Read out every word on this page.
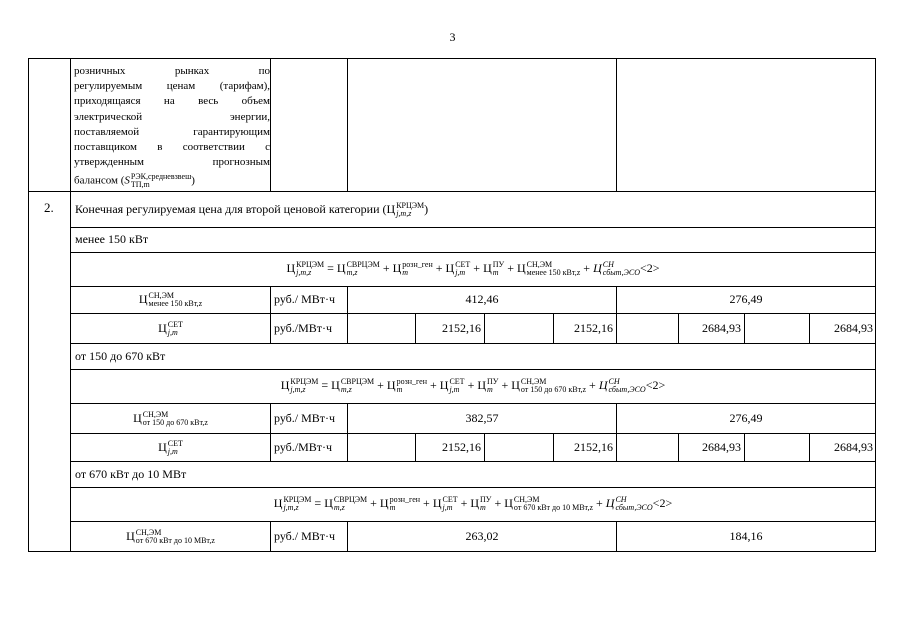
3

розничных рынках по

регулируемым ценам (тарифам),

приходящаяся на весь объем

электрической энергии,

поставляемой гарантирующим

поставщиком в соответствии с

утвержденным прогнозным

балансом (S РЭК,средневзвеш
ТП,m	)

2. Конечная регулируемая цена для второй ценовой категории (Ц КРЦЭМ
j,m,z	)
менее 150 кВт
Ц КРЦЭМ
j,m,z	= Ц СВРЦЭМ
m,z	+ Ц розн_ген
m	+ Ц СЕТ
j,m + Ц ПУ
m + Ц СН,ЭМ
менее 150 кВт,z + Ц СН
сбыт,ЭСО <2>
Ц СН,ЭМ
менее 150 кВт,z	руб./ МВт·ч	412,46	276,49
Ц СЕТ
j,m	руб./МВт·ч	2152,16	2152,16	2684,93	2684,93
от 150 до 670 кВт
Ц КРЦЭМ
j,m,z	= Ц СВРЦЭМ
m,z	+ Ц розн_ген
m	+ Ц СЕТ
j,m + Ц ПУ
m + Ц СН,ЭМ
от 150 до 670 кВт,z + Ц СН
сбыт,ЭСО <2>
Ц СН,ЭМ
от 150 до 670 кВт,z	руб./ МВт·ч	382,57	276,49
Ц СЕТ
j,m	руб./МВт·ч	2152,16	2152,16	2684,93	2684,93
от 670 кВт до 10 МВт
Ц КРЦЭМ
j,m,z	= Ц СВРЦЭМ
m,z	+ Ц розн_ген
m	+ Ц СЕТ
j,m + Ц ПУ
m + Ц СН,ЭМ
от 670 кВт до 10 МВт,z + Ц СН
сбыт,ЭСО <2>
Ц СН,ЭМ
от 670 кВт до 10 МВт,z	руб./ МВт·ч	263,02	184,16
